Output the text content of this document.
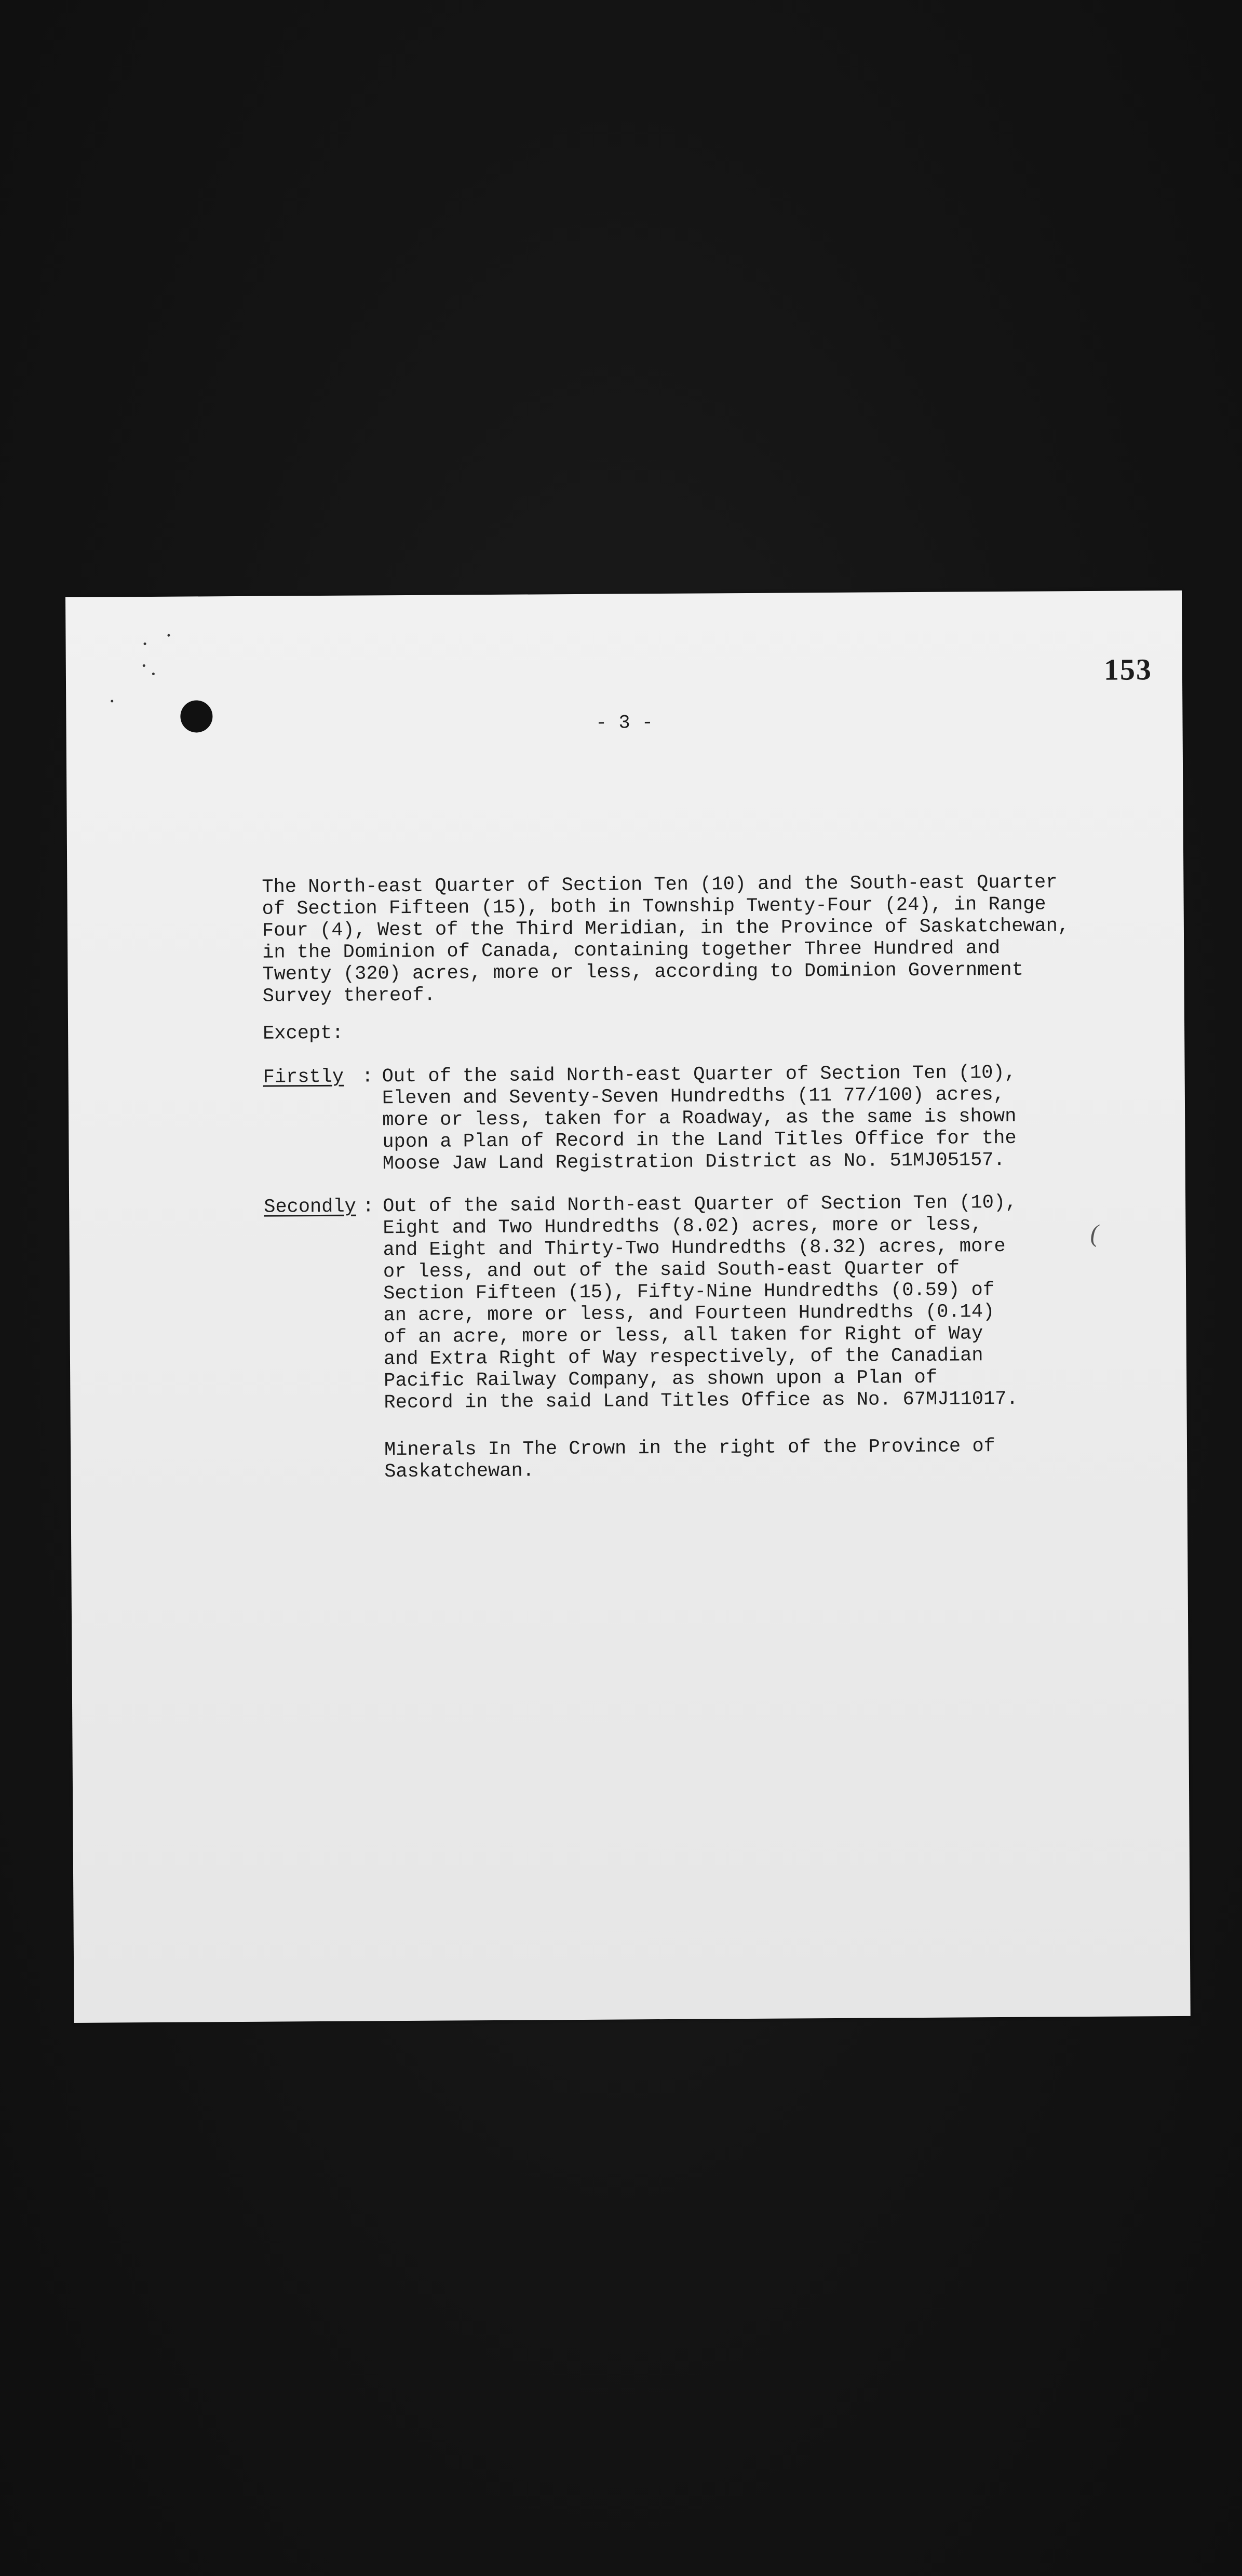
153
- 3 -
The North-east Quarter of Section Ten (10) and the South-east Quarter
of Section Fifteen (15), both in Township Twenty-Four (24), in Range
Four (4), West of the Third Meridian, in the Province of Saskatchewan,
in the Dominion of Canada, containing together Three Hundred and
Twenty (320) acres, more or less, according to Dominion Government
Survey thereof.
Except:
Firstly : Out of the said North-east Quarter of Section Ten (10),
Eleven and Seventy-Seven Hundredths (11 77/100) acres,
more or less, taken for a Roadway, as the same is shown
upon a Plan of Record in the Land Titles Office for the
Moose Jaw Land Registration District as No. 51MJ05157.
Secondly : Out of the said North-east Quarter of Section Ten (10),
Eight and Two Hundredths (8.02) acres, more or less,
and Eight and Thirty-Two Hundredths (8.32) acres, more
or less, and out of the said South-east Quarter of
Section Fifteen (15), Fifty-Nine Hundredths (0.59) of
an acre, more or less, and Fourteen Hundredths (0.14)
of an acre, more or less, all taken for Right of Way
and Extra Right of Way respectively, of the Canadian
Pacific Railway Company, as shown upon a Plan of
Record in the said Land Titles Office as No. 67MJ11017.
Minerals In The Crown in the right of the Province of
Saskatchewan.
(
